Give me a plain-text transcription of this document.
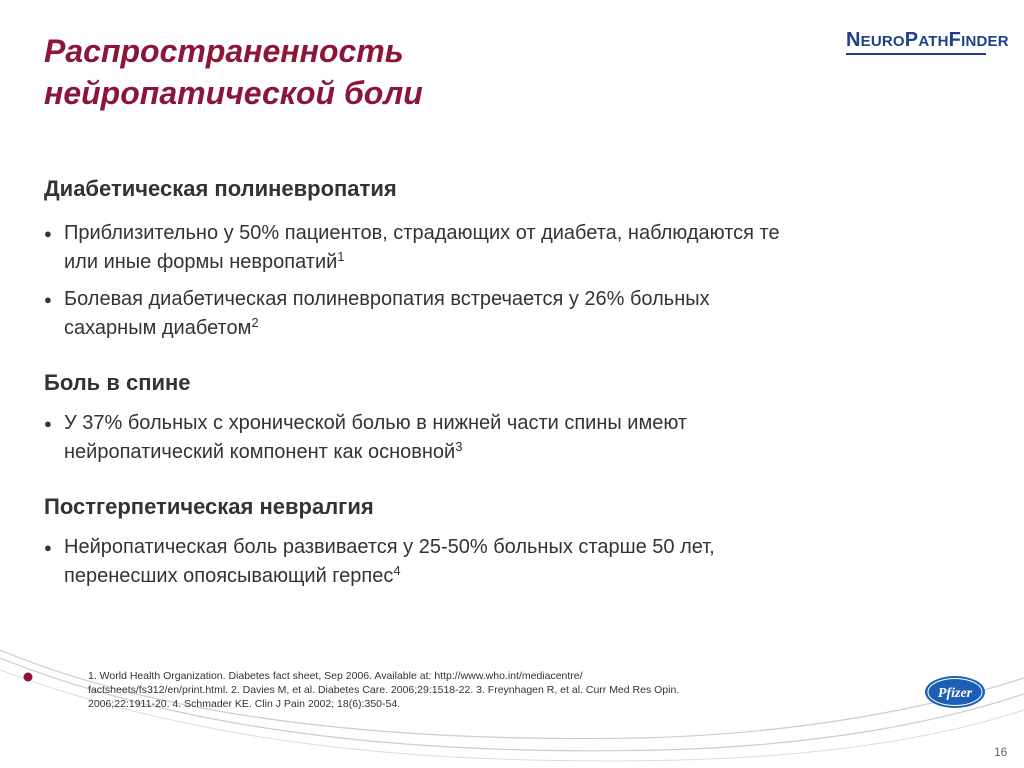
Распространенность
нейропатической боли
NEUROPATHFINDER
Диабетическая полиневропатия
● Приблизительно у 50% пациентов, страдающих от диабета, наблюдаются те
или иные формы невропатий$^1$
● Болевая диабетическая полиневропатия встречается у 26% больных
сахарным диабетом$^2$
Боль в спине
● У 37% больных с хронической болью в нижней части спины имеют
нейропатический компонент как основной$^3$
Постгерпетическая невралгия
● Нейропатическая боль развивается у 25-50% больных старше 50 лет,
перенесших опоясывающий герпес$^4$
1. World Health Organization. Diabetes fact sheet, Sep 2006. Available at: http://www.who.int/mediacentre/
factsheets/fs312/en/print.html. 2. Davies M, et al. Diabetes Care. 2006;29:1518-22. 3. Freynhagen R, et al. Curr Med Res Opin.
2006;22:1911-20. 4. Schmader KE. Clin J Pain 2002; 18(6):350-54.
Pfizer
16
